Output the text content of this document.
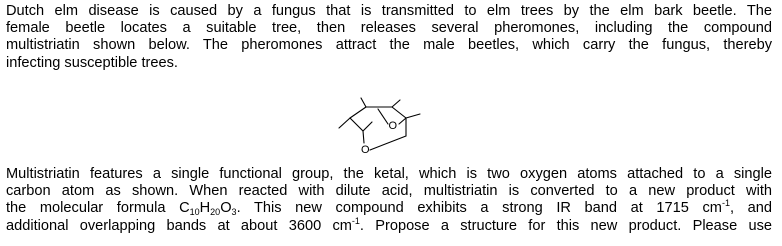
Dutch elm disease is caused by a fungus that is transmitted to elm trees by the elm bark beetle. The
female beetle locates a suitable tree, then releases several pheromones, including the compound
multistriatin shown below. The pheromones attract the male beetles, which carry the fungus, thereby
infecting susceptible trees.
O
O
Multistriatin features a single functional group, the ketal, which is two oxygen atoms attached to a single
carbon atom as shown. When reacted with dilute acid, multistriatin is converted to a new product with
the molecular formula $C_{10}H_{20}O_3$. This new compound exhibits a strong IR band at 1715 $cm^{-1}$, and
additional overlapping bands at about 3600 $cm^{-1}$. Propose a structure for this new product. Please use
